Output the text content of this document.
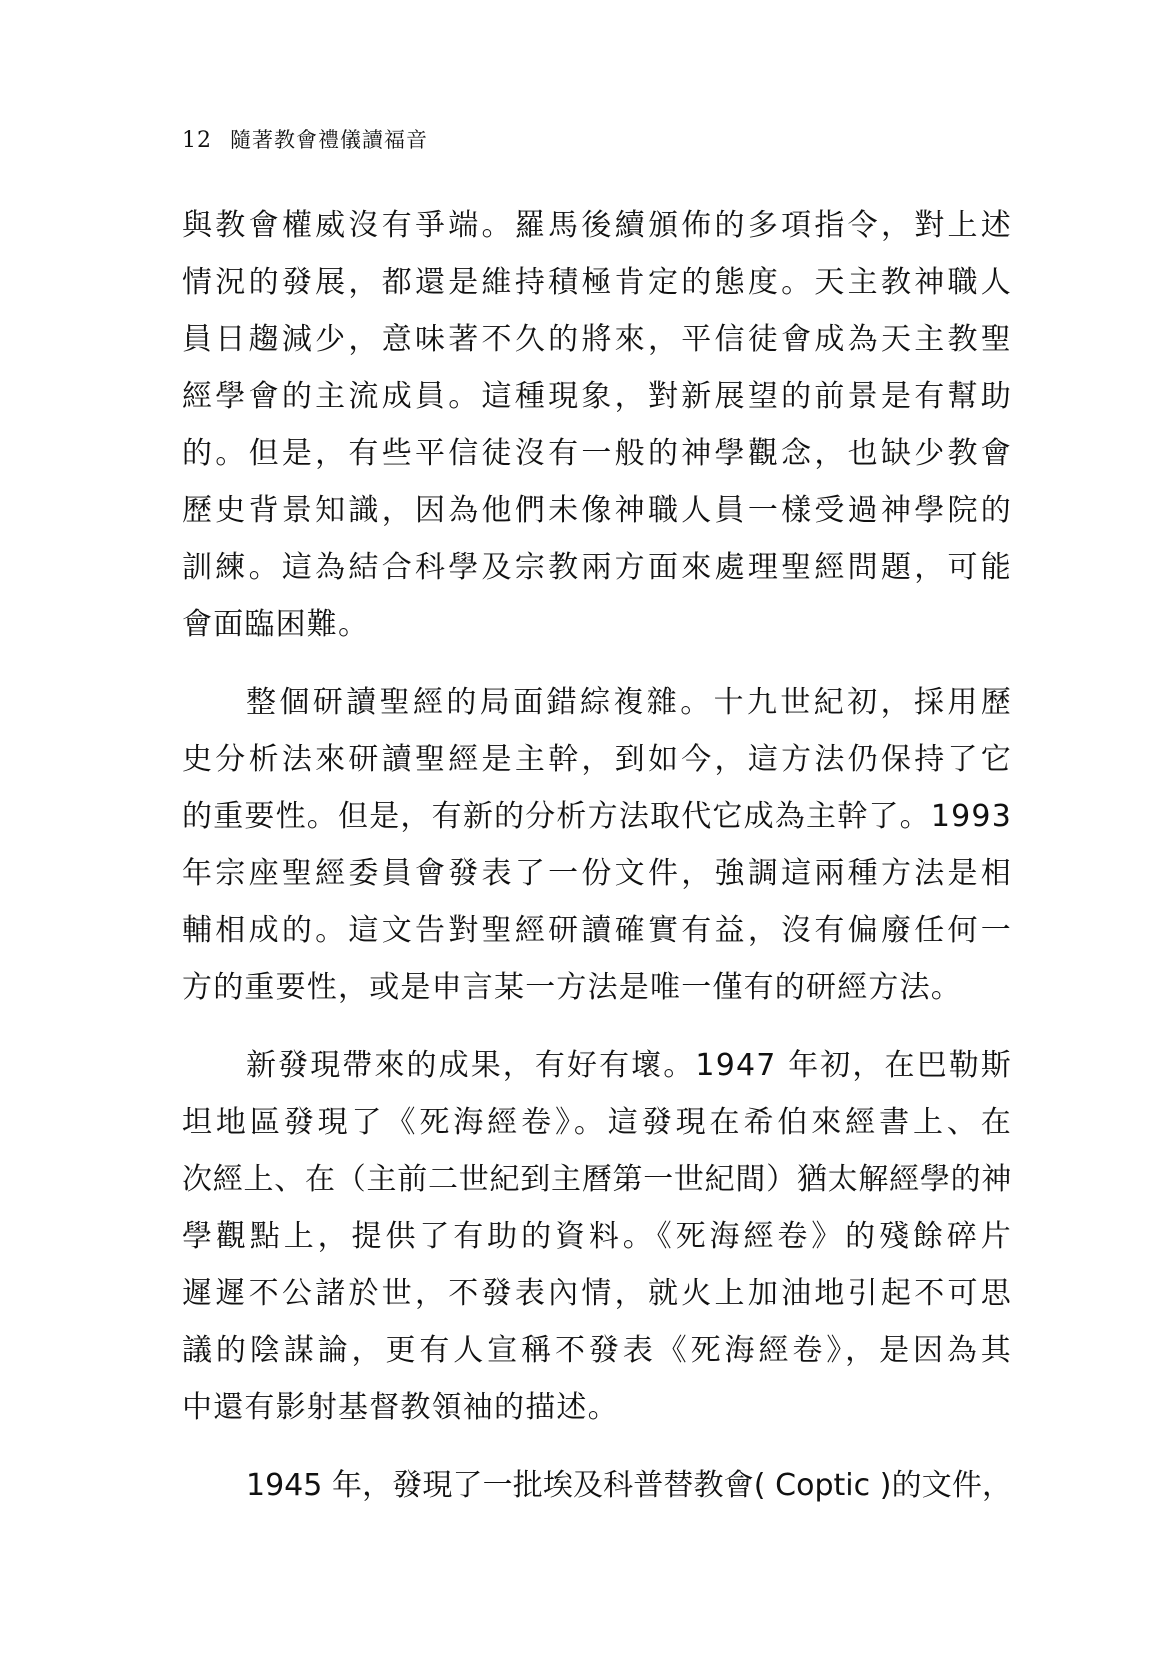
12 隨著教會禮儀讀福音
與教會權威沒有爭端。羅馬後續頒佈的多項指令，對上述
情況的發展，都還是維持積極肯定的態度。天主教神職人
員日趨減少，意味著不久的將來，平信徒會成為天主教聖
經學會的主流成員。這種現象，對新展望的前景是有幫助
的。但是，有些平信徒沒有一般的神學觀念，也缺少教會
歷史背景知識，因為他們未像神職人員一樣受過神學院的
訓練。這為結合科學及宗教兩方面來處理聖經問題，可能
會面臨困難。
整個研讀聖經的局面錯綜複雜。十九世紀初，採用歷
史分析法來研讀聖經是主幹，到如今，這方法仍保持了它
的重要性。但是，有新的分析方法取代它成為主幹了。1993
年宗座聖經委員會發表了一份文件，強調這兩種方法是相
輔相成的。這文告對聖經研讀確實有益，沒有偏廢任何一
方的重要性，或是申言某一方法是唯一僅有的研經方法。
新發現帶來的成果，有好有壞。1947 年初，在巴勒斯
坦地區發現了《死海經卷》。這發現在希伯來經書上、在
次經上、在（主前二世紀到主曆第一世紀間）猶太解經學的神
學觀點上，提供了有助的資料。《死海經卷》的殘餘碎片
遲遲不公諸於世，不發表內情，就火上加油地引起不可思
議的陰謀論，更有人宣稱不發表《死海經卷》，是因為其
中還有影射基督教領袖的描述。
1945 年，發現了一批埃及科普替教會( Coptic )的文件，
